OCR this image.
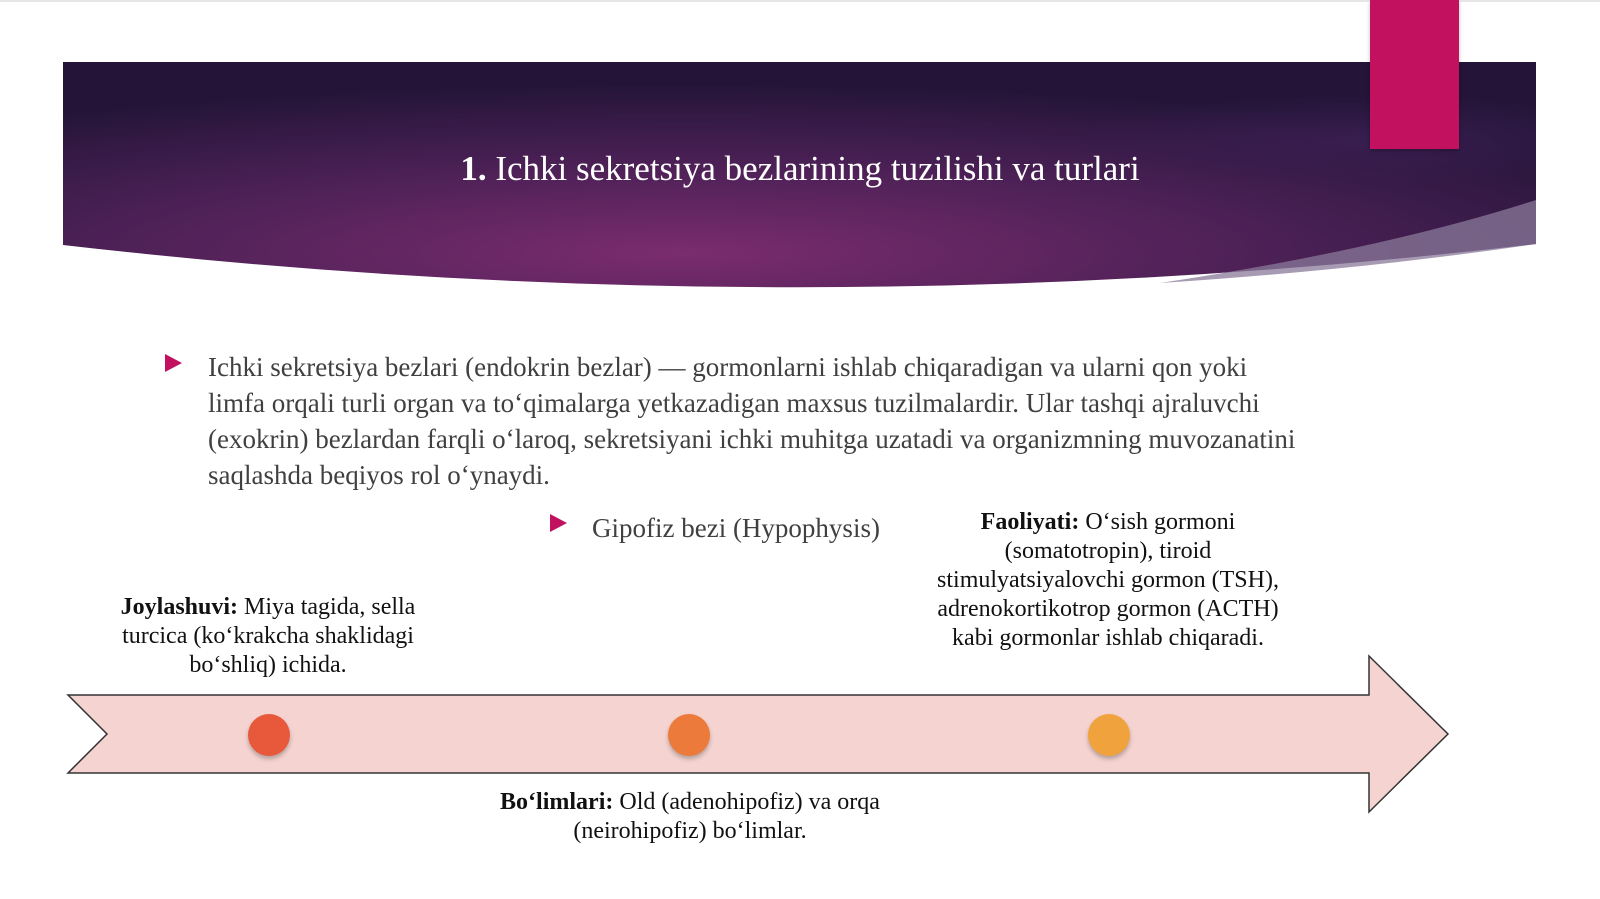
1. Ichki sekretsiya bezlarining tuzilishi va turlari
Ichki sekretsiya bezlari (endokrin bezlar) — gormonlarni ishlab chiqaradigan va ularni qon yoki limfa orqali turli organ va to‘qimalarga yetkazadigan maxsus tuzilmalardir. Ular tashqi ajraluvchi (exokrin) bezlardan farqli o‘laroq, sekretsiyani ichki muhitga uzatadi va organizmning muvozanatini saqlashda beqiyos rol o‘ynaydi.
Gipofiz bezi (Hypophysis)
Joylashuvi: Miya tagida, sella turcica (ko‘krakcha shaklidagi bo‘shliq) ichida.
Bo‘limlari: Old (adenohipofiz) va orqa (neirohipofiz) bo‘limlar.
Faoliyati: O‘sish gormoni (somatotropin), tiroid stimulyatsiyalovchi gormon (TSH), adrenokortikotrop gormon (ACTH) kabi gormonlar ishlab chiqaradi.
